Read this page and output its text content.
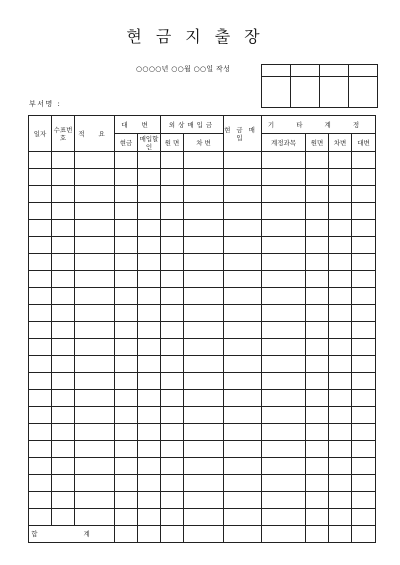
현금지출장
○○○○년 ○○월 ○○일 작성
부서명 :

일자	수표번호	적 요	대 변		외상매입금		현금매입	기 타 계 정			
			현금	매입할인	원 면	차 변		계정과목	원면	차변	대변

합 계											
